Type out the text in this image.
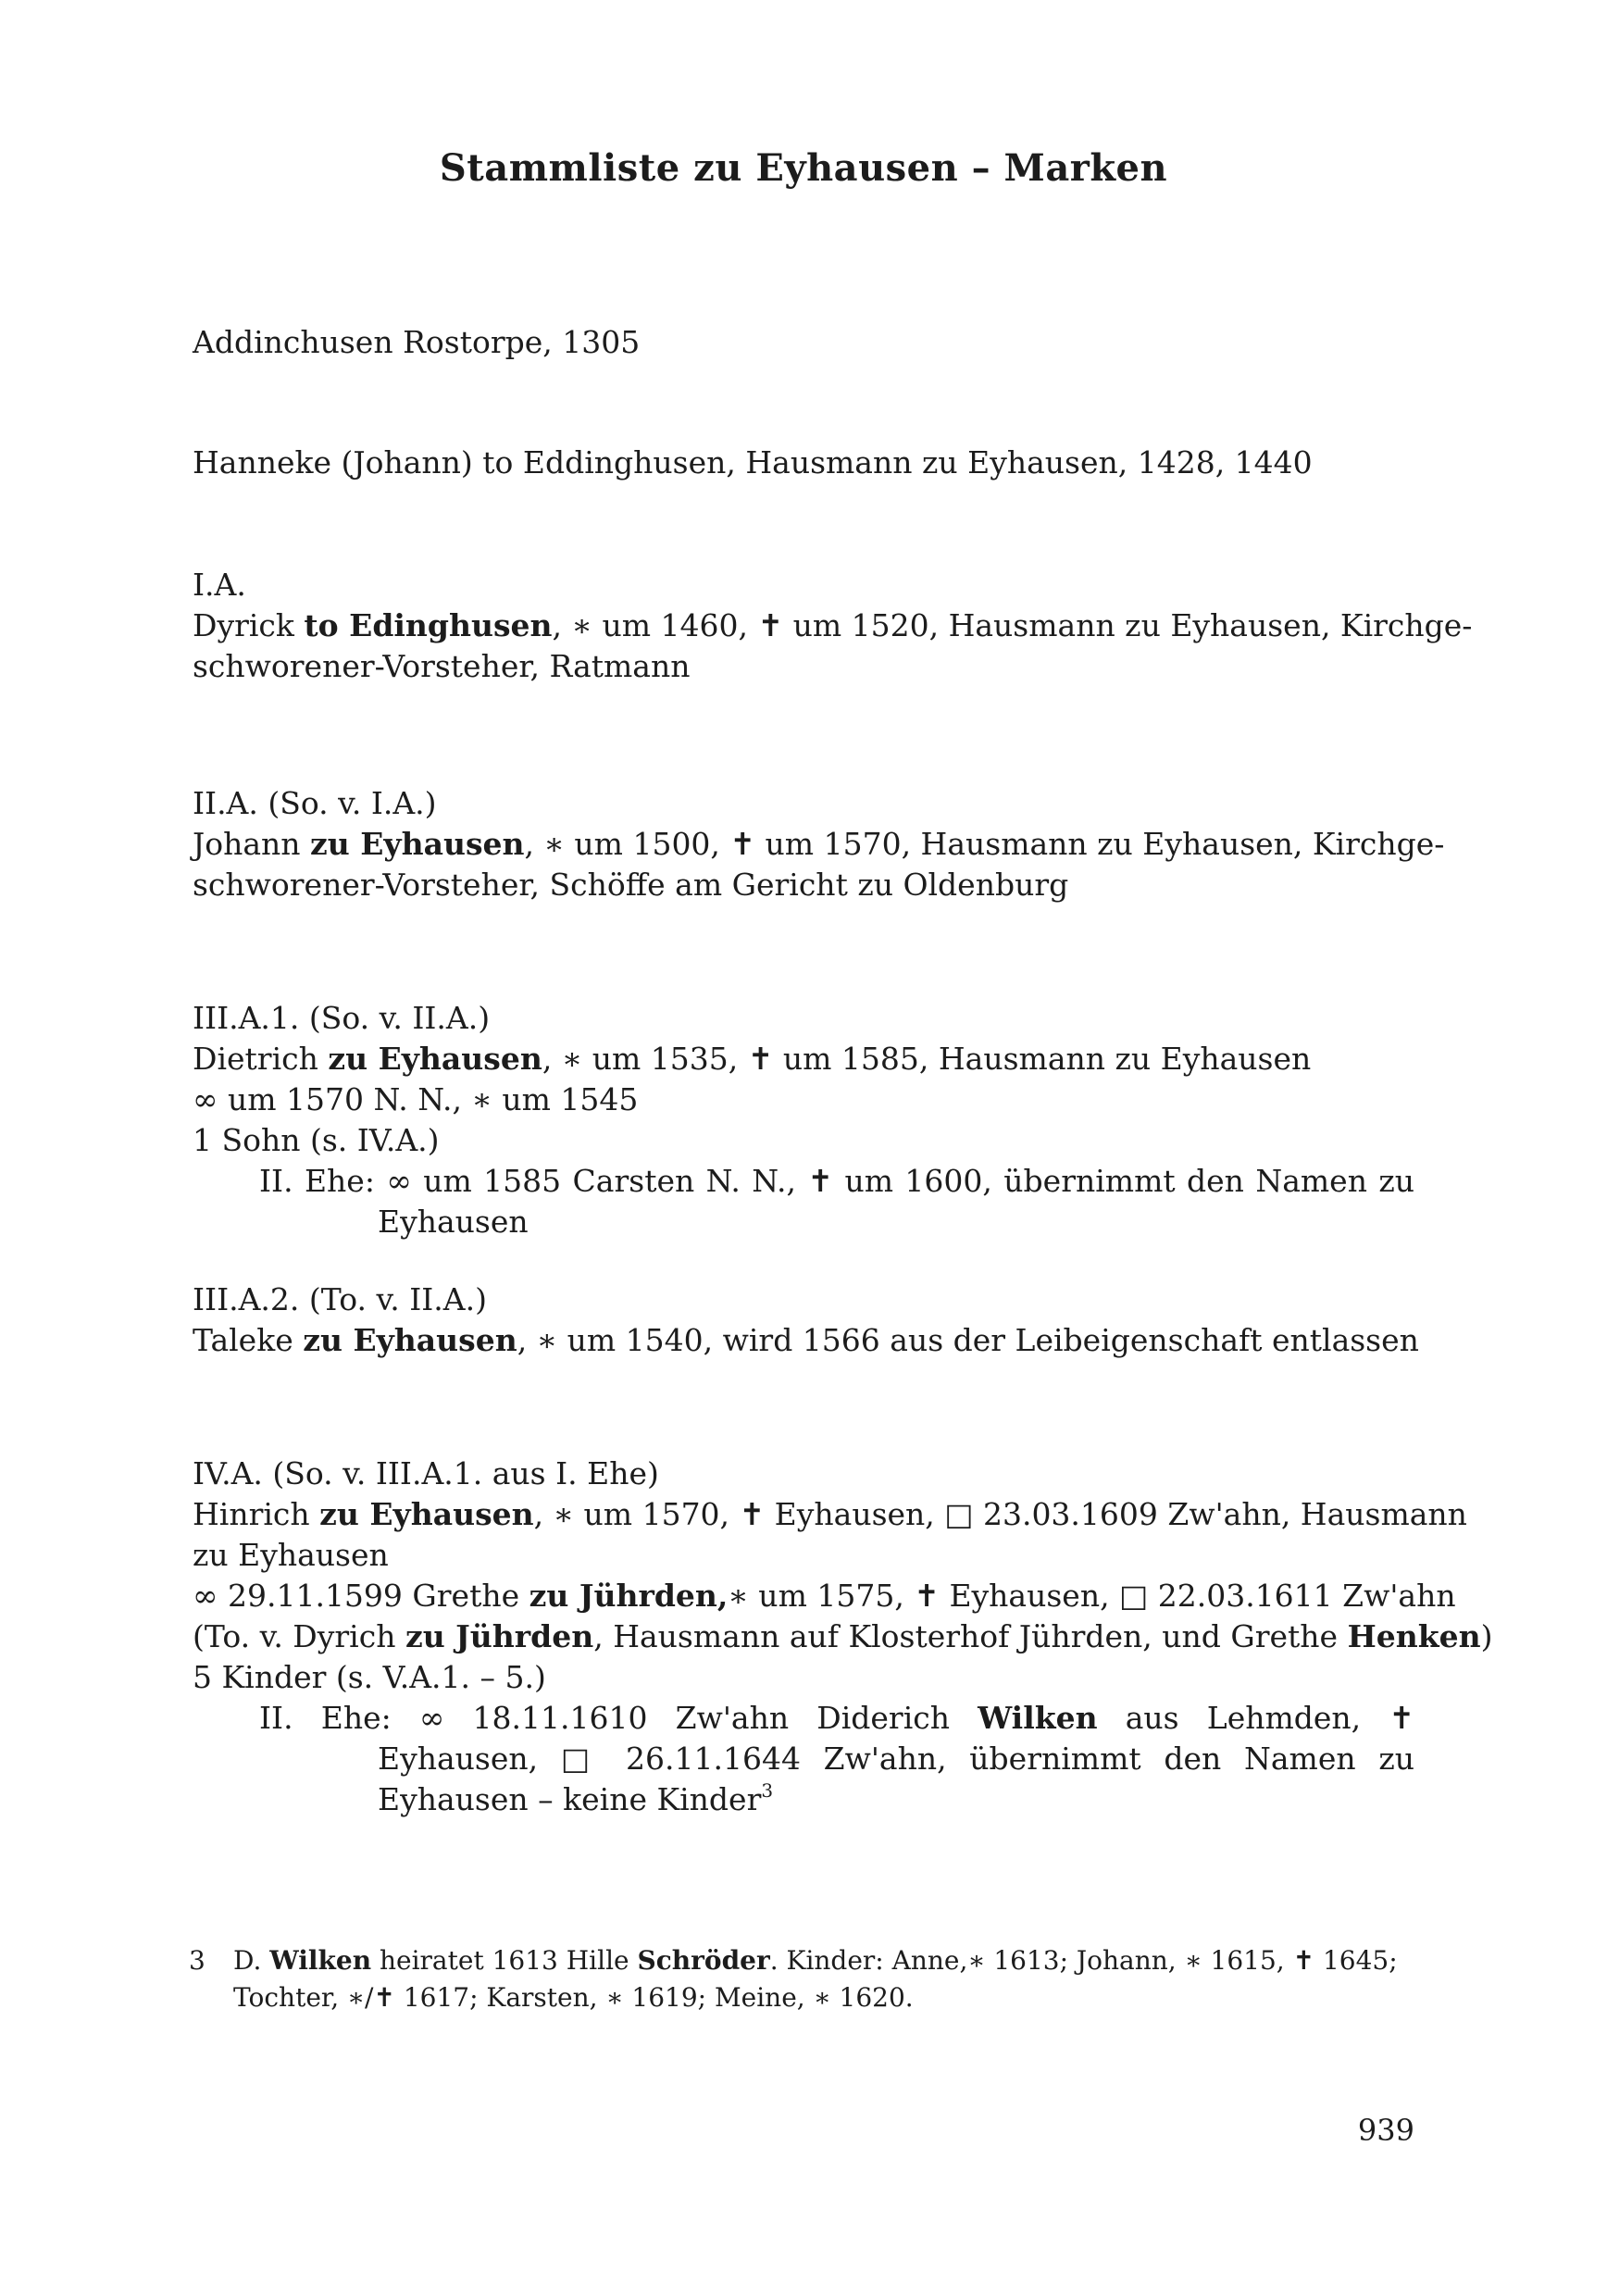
Stammliste zu Eyhausen – Marken
Addinchusen Rostorpe, 1305
Hanneke (Johann) to Eddinghusen, Hausmann zu Eyhausen, 1428, 1440
I.A.
Dyrick to Edinghusen, ∗ um 1460, ✝ um 1520, Hausmann zu Eyhausen, Kirchge-
schworener-Vorsteher, Ratmann
II.A. (So. v. I.A.)
Johann zu Eyhausen, ∗ um 1500, ✝ um 1570, Hausmann zu Eyhausen, Kirchge-
schworener-Vorsteher, Schöffe am Gericht zu Oldenburg
III.A.1. (So. v. II.A.)
Dietrich zu Eyhausen, ∗ um 1535, ✝ um 1585, Hausmann zu Eyhausen
∞ um 1570 N. N., ∗ um 1545
1 Sohn (s. IV.A.)
II. Ehe: ∞ um 1585 Carsten N. N., ✝ um 1600, übernimmt den Namen zu Eyhausen
III.A.2. (To. v. II.A.)
Taleke zu Eyhausen, ∗ um 1540, wird 1566 aus der Leibeigenschaft entlassen
IV.A. (So. v. III.A.1. aus I. Ehe)
Hinrich zu Eyhausen, ∗ um 1570, ✝ Eyhausen, □ 23.03.1609 Zw'ahn, Hausmann
zu Eyhausen
∞ 29.11.1599 Grethe zu Jührden,∗ um 1575, ✝ Eyhausen, □ 22.03.1611 Zw'ahn
(To. v. Dyrich zu Jührden, Hausmann auf Klosterhof Jührden, und Grethe Henken)
5 Kinder (s. V.A.1. – 5.)
II. Ehe: ∞ 18.11.1610 Zw'ahn Diderich Wilken aus Lehmden, ✝ Eyhausen, □ 26.11.1644 Zw'ahn, übernimmt den Namen zu Eyhausen – keine Kinder$^3$
3	D. Wilken heiratet 1613 Hille Schröder. Kinder: Anne,∗ 1613; Johann, ∗ 1615, ✝ 1645; Tochter, ∗/✝ 1617; Karsten, ∗ 1619; Meine, ∗ 1620.
939
